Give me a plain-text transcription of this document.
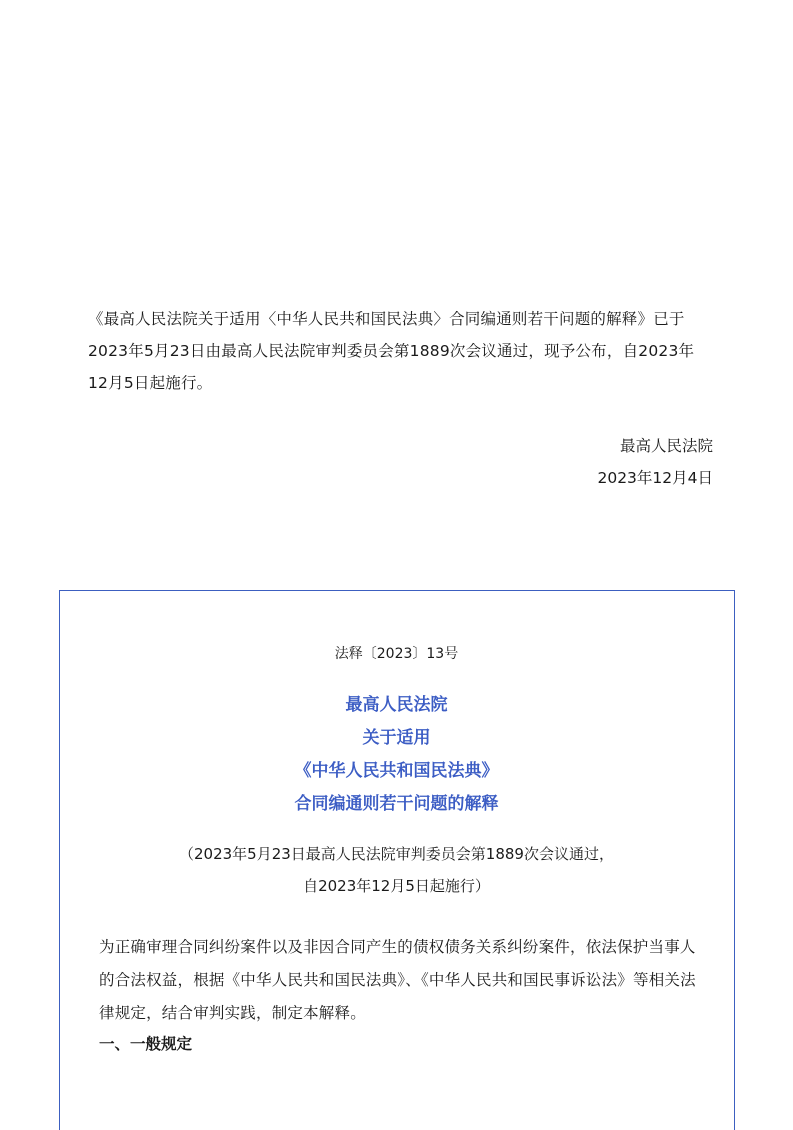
《最高人民法院关于适用〈中华人民共和国民法典〉合同编通则若干问题的解释》已于2023年5月23日由最高人民法院审判委员会第1889次会议通过，现予公布，自2023年12月5日起施行。

最高人民法院
2023年12月4日
法释〔2023〕13号
最高人民法院
关于适用
《中华人民共和国民法典》
合同编通则若干问题的解释
（2023年5月23日最高人民法院审判委员会第1889次会议通过，
自2023年12月5日起施行）

为正确审理合同纠纷案件以及非因合同产生的债权债务关系纠纷案件，依法保护当事人的合法权益，根据《中华人民共和国民法典》、《中华人民共和国民事诉讼法》等相关法律规定，结合审判实践，制定本解释。

一、一般规定
